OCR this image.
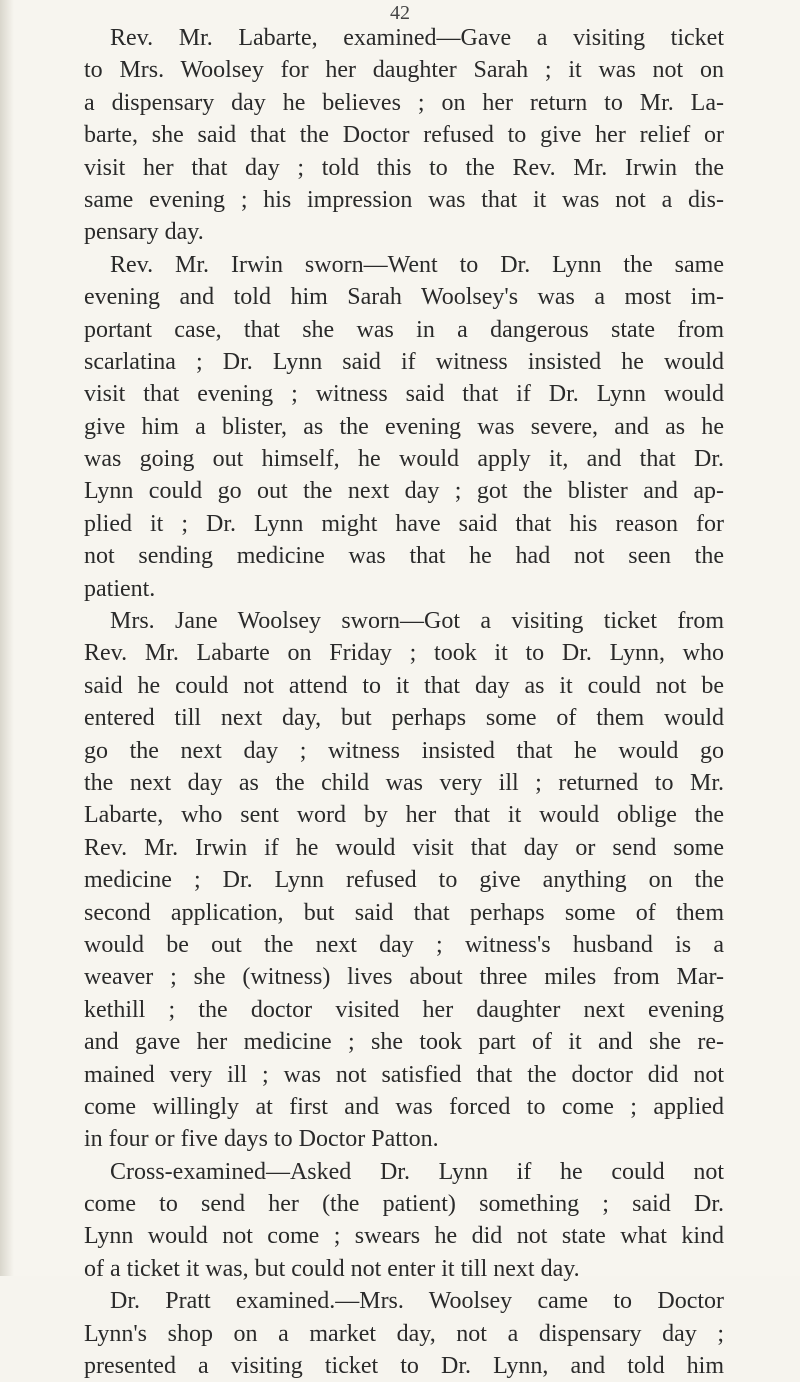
42
Rev. Mr. Labarte, examined—Gave a visiting ticket
to Mrs. Woolsey for her daughter Sarah ; it was not on
a dispensary day he believes ; on her return to Mr. La-
barte, she said that the Doctor refused to give her relief or
visit her that day ; told this to the Rev. Mr. Irwin the
same evening ; his impression was that it was not a dis-
pensary day.
Rev. Mr. Irwin sworn—Went to Dr. Lynn the same
evening and told him Sarah Woolsey's was a most im-
portant case, that she was in a dangerous state from
scarlatina ; Dr. Lynn said if witness insisted he would
visit that evening ; witness said that if Dr. Lynn would
give him a blister, as the evening was severe, and as he
was going out himself, he would apply it, and that Dr.
Lynn could go out the next day ; got the blister and ap-
plied it ; Dr. Lynn might have said that his reason for
not sending medicine was that he had not seen the
patient.
Mrs. Jane Woolsey sworn—Got a visiting ticket from
Rev. Mr. Labarte on Friday ; took it to Dr. Lynn, who
said he could not attend to it that day as it could not be
entered till next day, but perhaps some of them would
go the next day ; witness insisted that he would go
the next day as the child was very ill ; returned to Mr.
Labarte, who sent word by her that it would oblige the
Rev. Mr. Irwin if he would visit that day or send some
medicine ; Dr. Lynn refused to give anything on the
second application, but said that perhaps some of them
would be out the next day ; witness's husband is a
weaver ; she (witness) lives about three miles from Mar-
kethill ; the doctor visited her daughter next evening
and gave her medicine ; she took part of it and she re-
mained very ill ; was not satisfied that the doctor did not
come willingly at first and was forced to come ; applied
in four or five days to Doctor Patton.
Cross-examined—Asked Dr. Lynn if he could not
come to send her (the patient) something ; said Dr.
Lynn would not come ; swears he did not state what kind
of a ticket it was, but could not enter it till next day.
Dr. Pratt examined.—Mrs. Woolsey came to Doctor
Lynn's shop on a market day, not a dispensary day ;
presented a visiting ticket to Dr. Lynn, and told him
